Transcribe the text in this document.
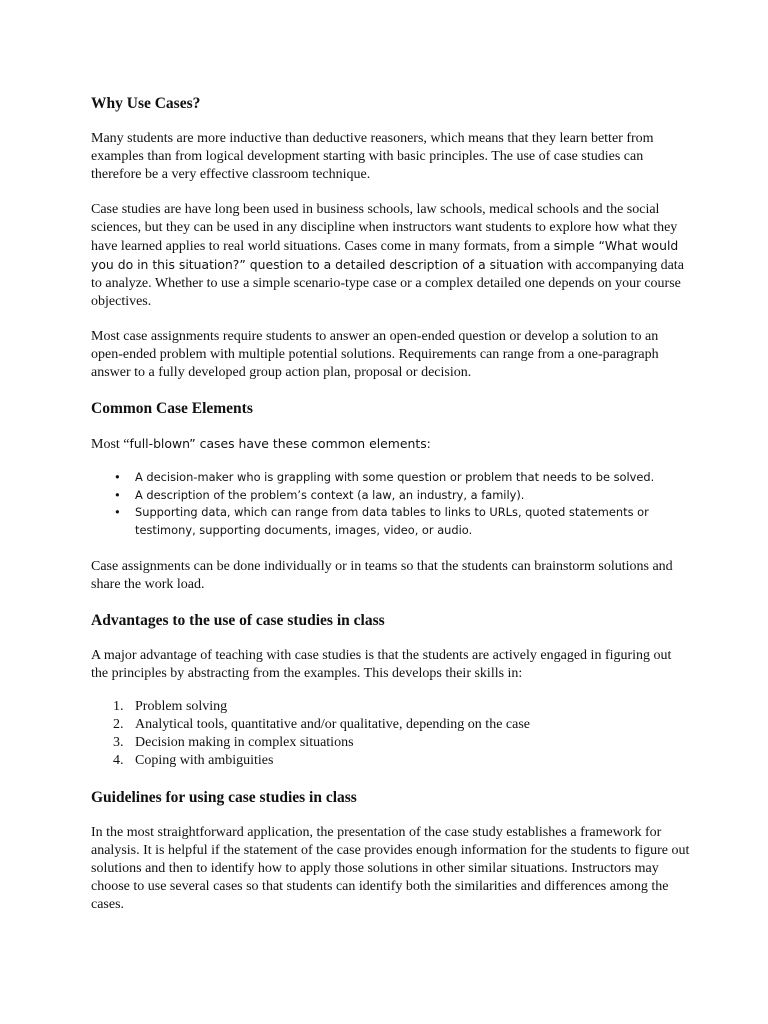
Why Use Cases?

Many students are more inductive than deductive reasoners, which means that they learn better from examples than from logical development starting with basic principles. The use of case studies can therefore be a very effective classroom technique.

Case studies are have long been used in business schools, law schools, medical schools and the social sciences, but they can be used in any discipline when instructors want students to explore how what they have learned applies to real world situations. Cases come in many formats, from a simple “What would you do in this situation?” question to a detailed description of a situation with accompanying data to analyze. Whether to use a simple scenario-type case or a complex detailed one depends on your course objectives.

Most case assignments require students to answer an open-ended question or develop a solution to an open-ended problem with multiple potential solutions. Requirements can range from a one-paragraph answer to a fully developed group action plan, proposal or decision.

Common Case Elements

Most “full-blown” cases have these common elements:

• A decision-maker who is grappling with some question or problem that needs to be solved.
• A description of the problem’s context (a law, an industry, a family).
• Supporting data, which can range from data tables to links to URLs, quoted statements or testimony, supporting documents, images, video, or audio.

Case assignments can be done individually or in teams so that the students can brainstorm solutions and share the work load.

Advantages to the use of case studies in class

A major advantage of teaching with case studies is that the students are actively engaged in figuring out the principles by abstracting from the examples. This develops their skills in:

1. Problem solving
2. Analytical tools, quantitative and/or qualitative, depending on the case
3. Decision making in complex situations
4. Coping with ambiguities
Guidelines for using case studies in class

In the most straightforward application, the presentation of the case study establishes a framework for analysis. It is helpful if the statement of the case provides enough information for the students to figure out solutions and then to identify how to apply those solutions in other similar situations. Instructors may choose to use several cases so that students can identify both the similarities and differences among the cases.
